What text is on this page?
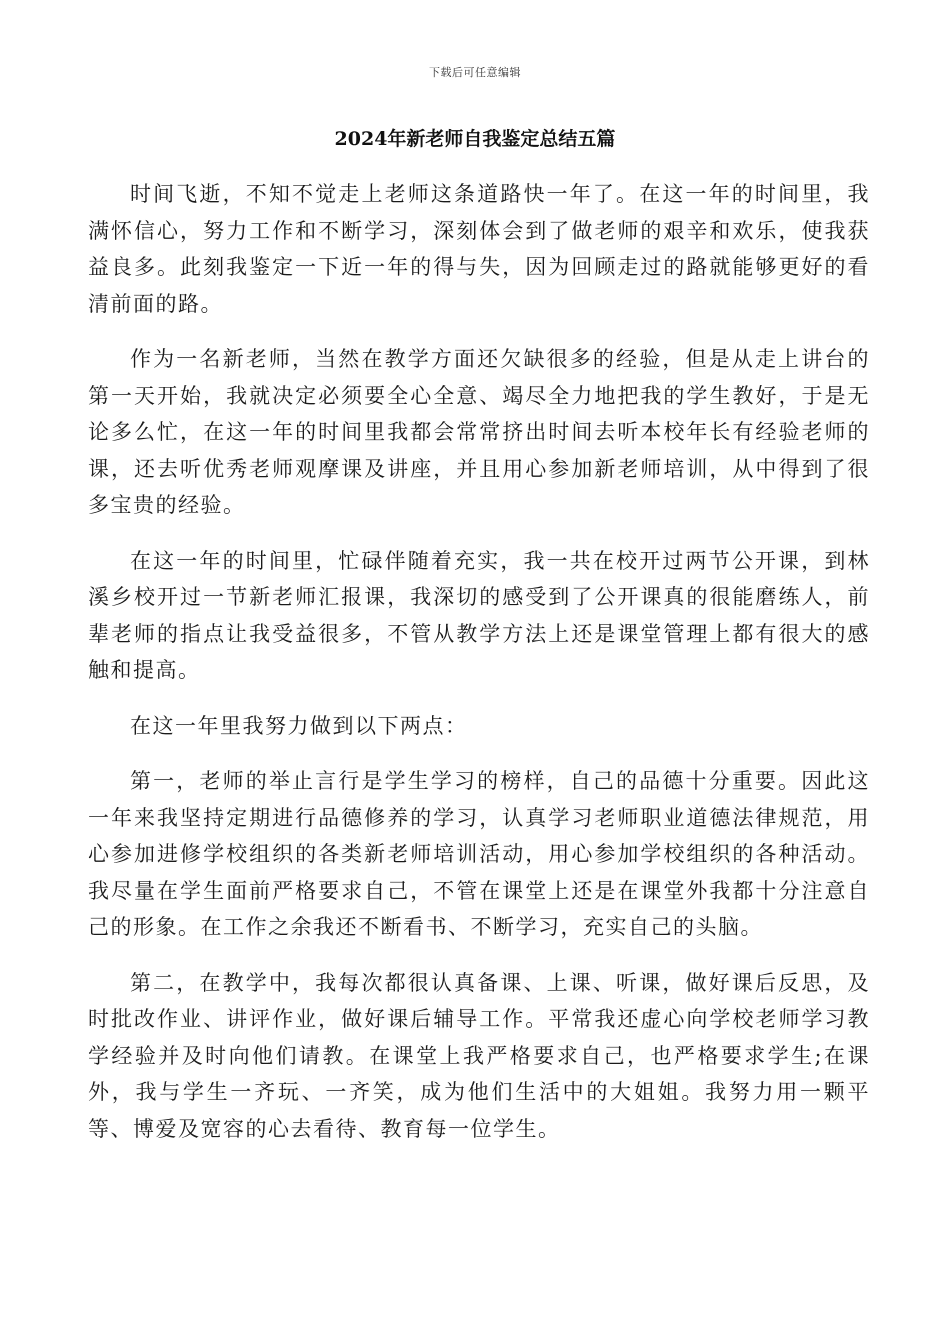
下载后可任意编辑
2024年新老师自我鉴定总结五篇

时间飞逝，不知不觉走上老师这条道路快一年了。在这一年的时间里，我满怀信心，努力工作和不断学习，深刻体会到了做老师的艰辛和欢乐，使我获益良多。此刻我鉴定一下近一年的得与失，因为回顾走过的路就能够更好的看清前面的路。

作为一名新老师，当然在教学方面还欠缺很多的经验，但是从走上讲台的第一天开始，我就决定必须要全心全意、竭尽全力地把我的学生教好，于是无论多么忙，在这一年的时间里我都会常常挤出时间去听本校年长有经验老师的课，还去听优秀老师观摩课及讲座，并且用心参加新老师培训，从中得到了很多宝贵的经验。

在这一年的时间里，忙碌伴随着充实，我一共在校开过两节公开课，到林溪乡校开过一节新老师汇报课，我深切的感受到了公开课真的很能磨练人，前辈老师的指点让我受益很多，不管从教学方法上还是课堂管理上都有很大的感触和提高。

在这一年里我努力做到以下两点：

第一，老师的举止言行是学生学习的榜样，自己的品德十分重要。因此这一年来我坚持定期进行品德修养的学习，认真学习老师职业道德法律规范，用心参加进修学校组织的各类新老师培训活动，用心参加学校组织的各种活动。我尽量在学生面前严格要求自己，不管在课堂上还是在课堂外我都十分注意自己的形象。在工作之余我还不断看书、不断学习，充实自己的头脑。

第二，在教学中，我每次都很认真备课、上课、听课，做好课后反思，及时批改作业、讲评作业，做好课后辅导工作。平常我还虚心向学校老师学习教学经验并及时向他们请教。在课堂上我严格要求自己，也严格要求学生;在课外，我与学生一齐玩、一齐笑，成为他们生活中的大姐姐。我努力用一颗平等、博爱及宽容的心去看待、教育每一位学生。
